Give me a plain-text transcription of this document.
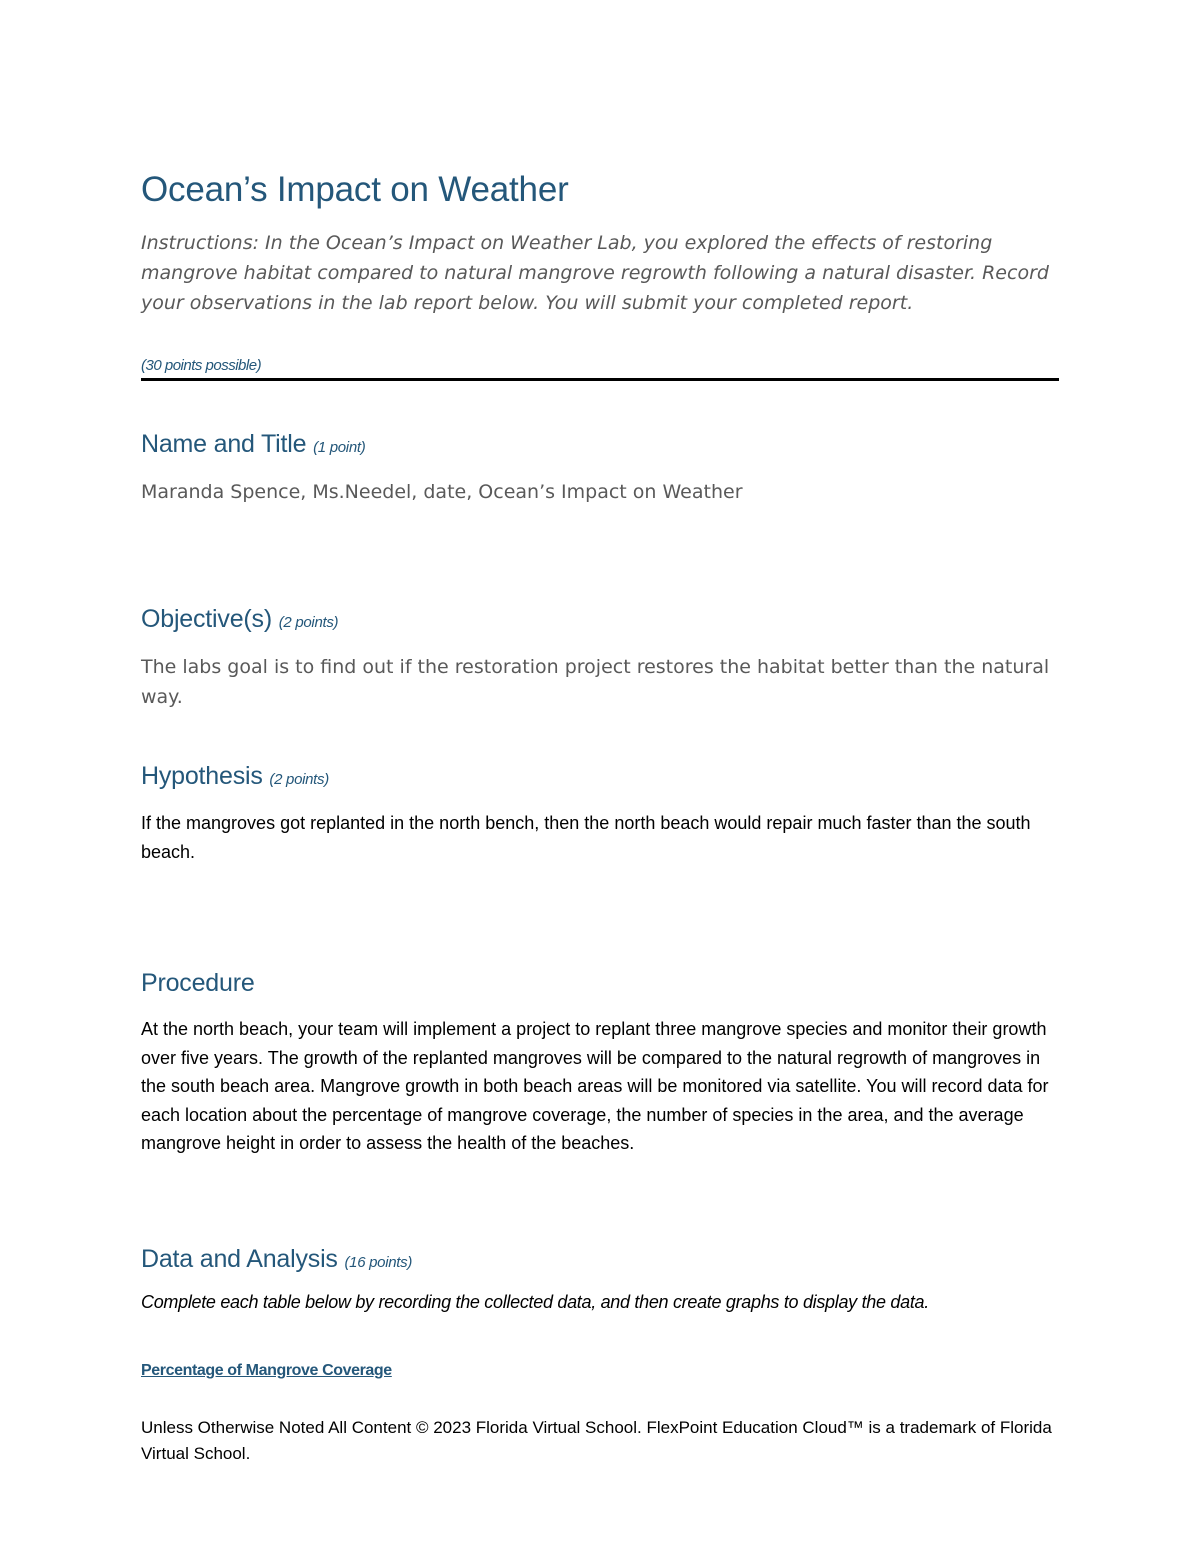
Ocean’s Impact on Weather

Instructions: In the Ocean’s Impact on Weather Lab, you explored the effects of restoring mangrove habitat compared to natural mangrove regrowth following a natural disaster. Record your observations in the lab report below. You will submit your completed report.

(30 points possible)
Name and Title (1 point)

Maranda Spence, Ms.Needel, date, Ocean’s Impact on Weather

Objective(s) (2 points)

The labs goal is to find out if the restoration project restores the habitat better than the natural way.

Hypothesis (2 points)

If the mangroves got replanted in the north bench, then the north beach would repair much faster than the south beach.

Procedure

At the north beach, your team will implement a project to replant three mangrove species and monitor their growth over five years. The growth of the replanted mangroves will be compared to the natural regrowth of mangroves in the south beach area. Mangrove growth in both beach areas will be monitored via satellite. You will record data for each location about the percentage of mangrove coverage, the number of species in the area, and the average mangrove height in order to assess the health of the beaches.

Data and Analysis (16 points)

Complete each table below by recording the collected data, and then create graphs to display the data.

Percentage of Mangrove Coverage

Unless Otherwise Noted All Content © 2023 Florida Virtual School. FlexPoint Education Cloud™ is a trademark of Florida Virtual School.
